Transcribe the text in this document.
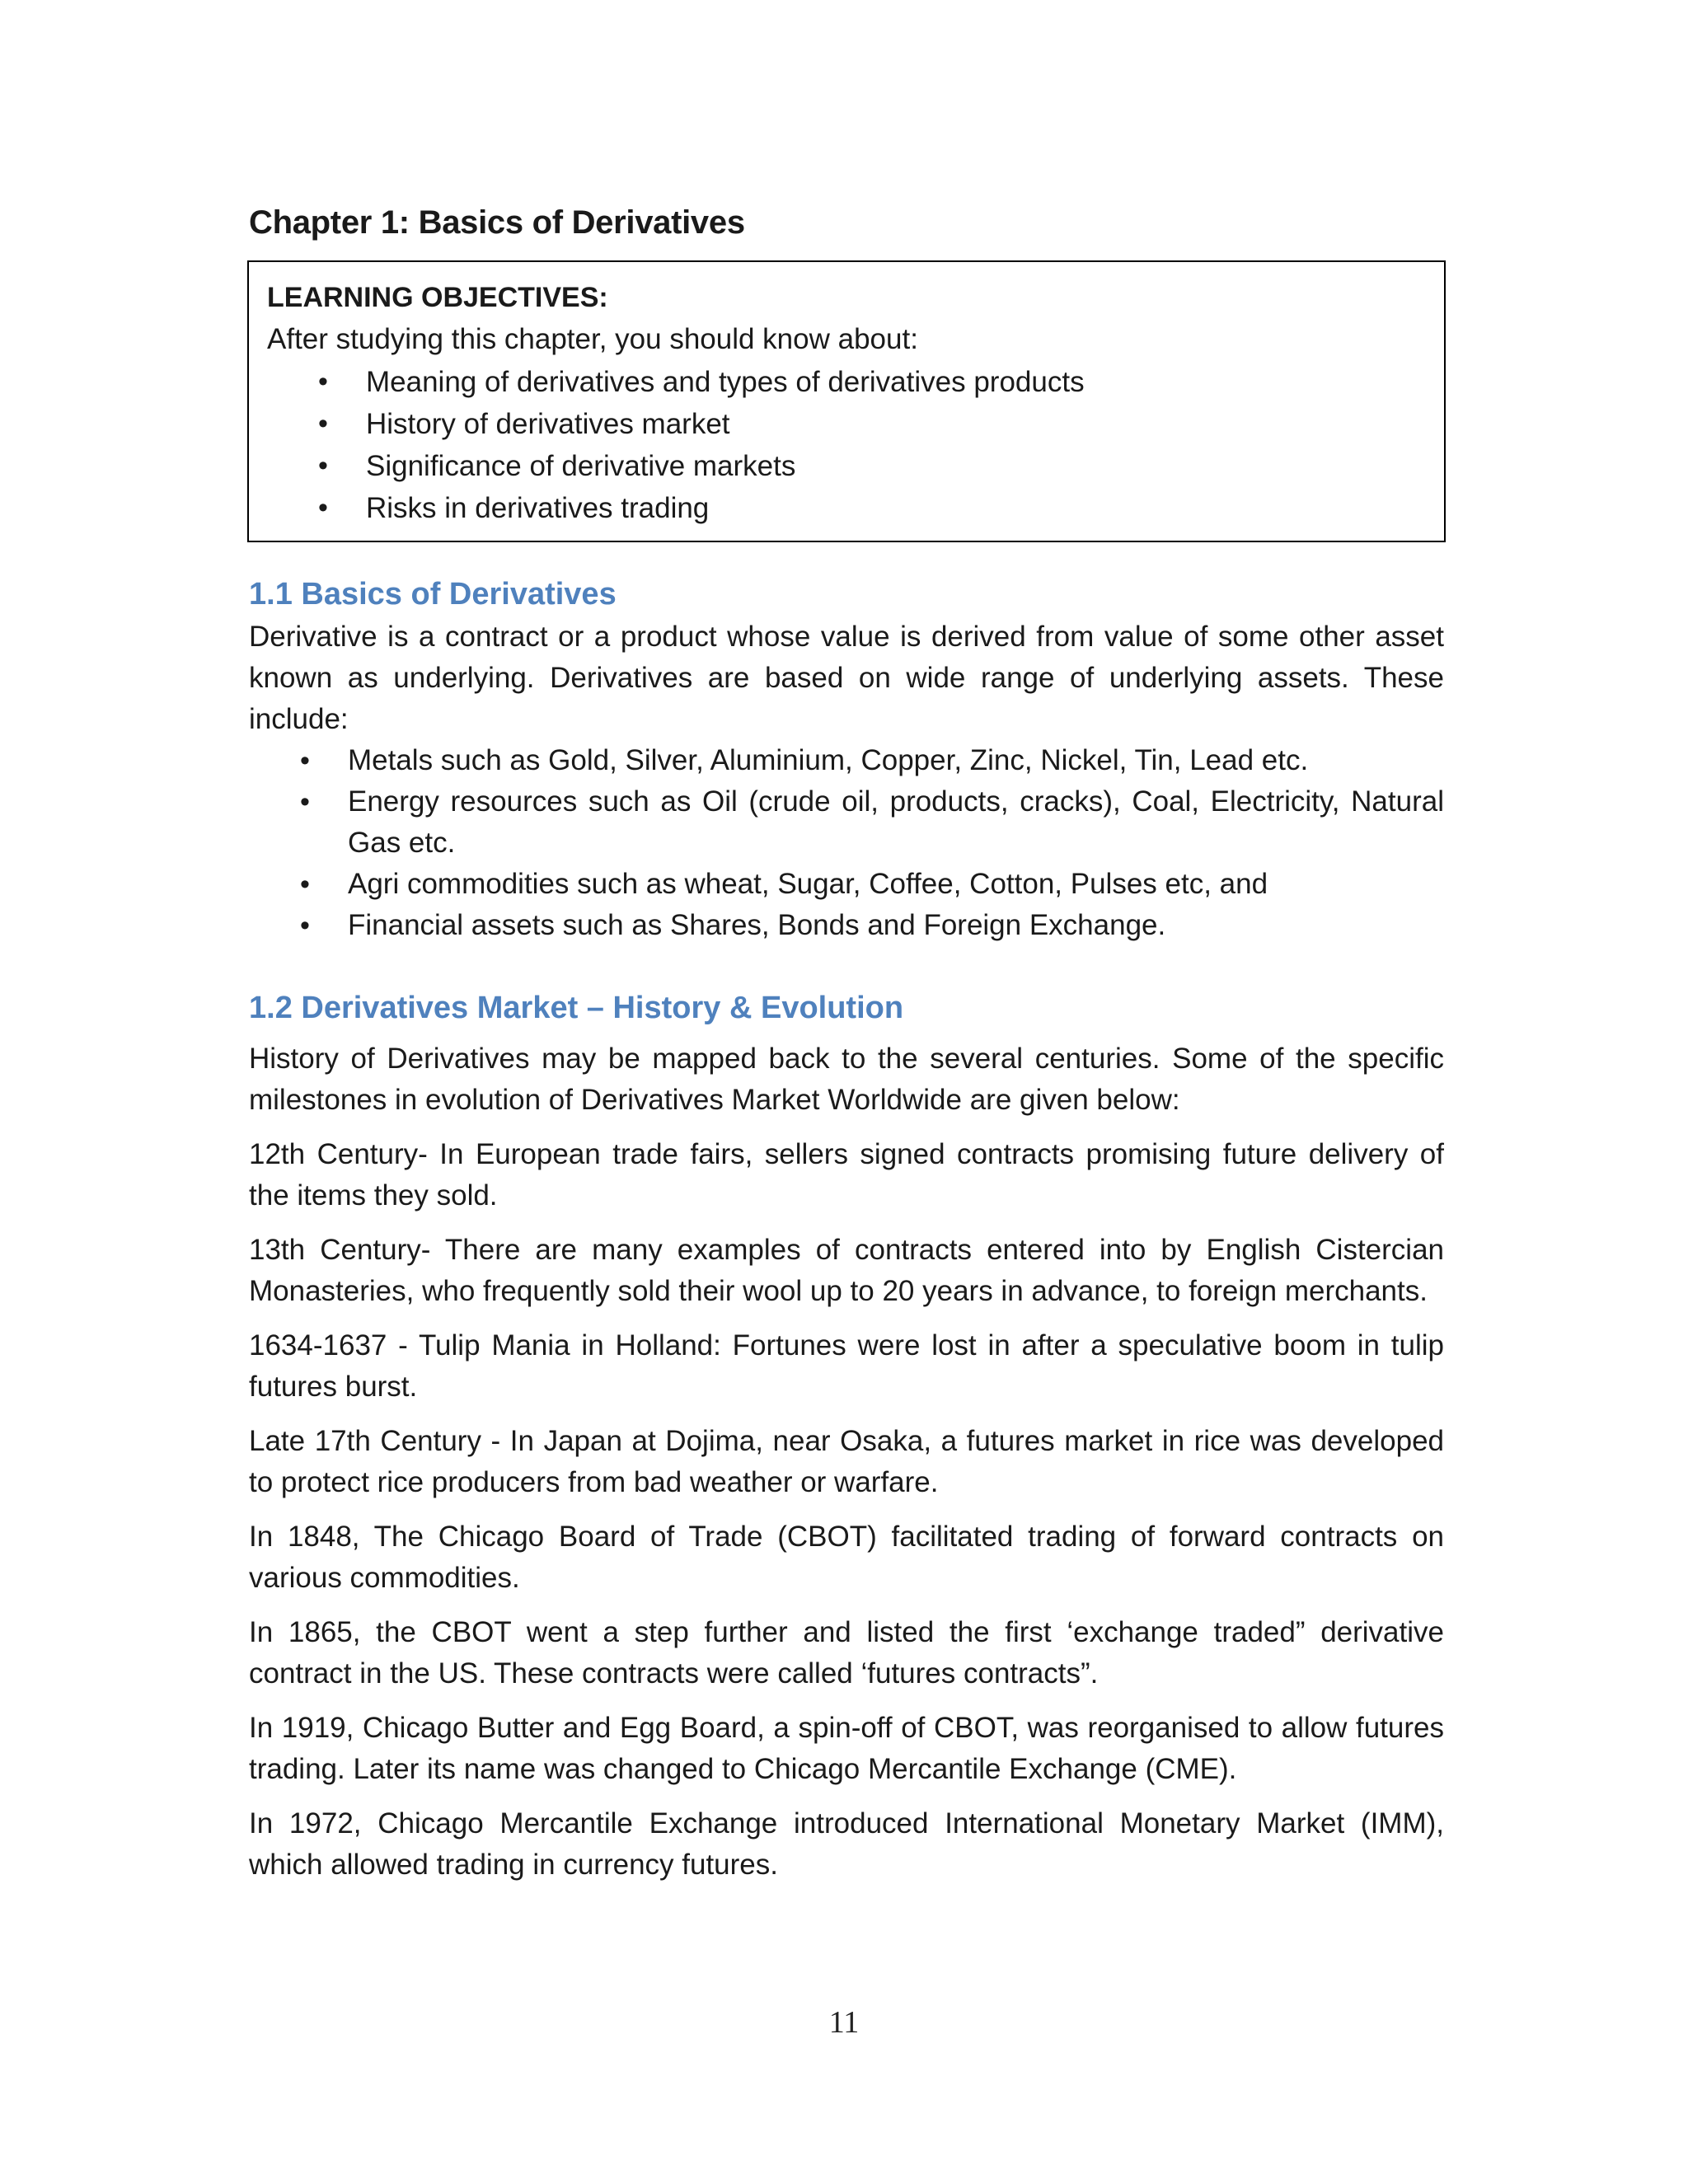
Chapter 1: Basics of Derivatives
LEARNING OBJECTIVES:
After studying this chapter, you should know about:
• Meaning of derivatives and types of derivatives products
• History of derivatives market
• Significance of derivative markets
• Risks in derivatives trading
1.1 Basics of Derivatives

Derivative is a contract or a product whose value is derived from value of some other asset known as underlying. Derivatives are based on wide range of underlying assets. These include:

• Metals such as Gold, Silver, Aluminium, Copper, Zinc, Nickel, Tin, Lead etc.
• Energy resources such as Oil (crude oil, products, cracks), Coal, Electricity, Natural Gas etc.
• Agri commodities such as wheat, Sugar, Coffee, Cotton, Pulses etc, and
• Financial assets such as Shares, Bonds and Foreign Exchange.
1.2 Derivatives Market – History & Evolution

History of Derivatives may be mapped back to the several centuries. Some of the specific milestones in evolution of Derivatives Market Worldwide are given below:

12th Century- In European trade fairs, sellers signed contracts promising future delivery of the items they sold.

13th Century- There are many examples of contracts entered into by English Cistercian Monasteries, who frequently sold their wool up to 20 years in advance, to foreign merchants.

1634-1637 - Tulip Mania in Holland: Fortunes were lost in after a speculative boom in tulip futures burst.

Late 17th Century - In Japan at Dojima, near Osaka, a futures market in rice was developed to protect rice producers from bad weather or warfare.

In 1848, The Chicago Board of Trade (CBOT) facilitated trading of forward contracts on various commodities.

In 1865, the CBOT went a step further and listed the first ‘exchange traded” derivative contract in the US. These contracts were called ‘futures contracts”.

In 1919, Chicago Butter and Egg Board, a spin-off of CBOT, was reorganised to allow futures trading. Later its name was changed to Chicago Mercantile Exchange (CME).

In 1972, Chicago Mercantile Exchange introduced International Monetary Market (IMM), which allowed trading in currency futures.

11
